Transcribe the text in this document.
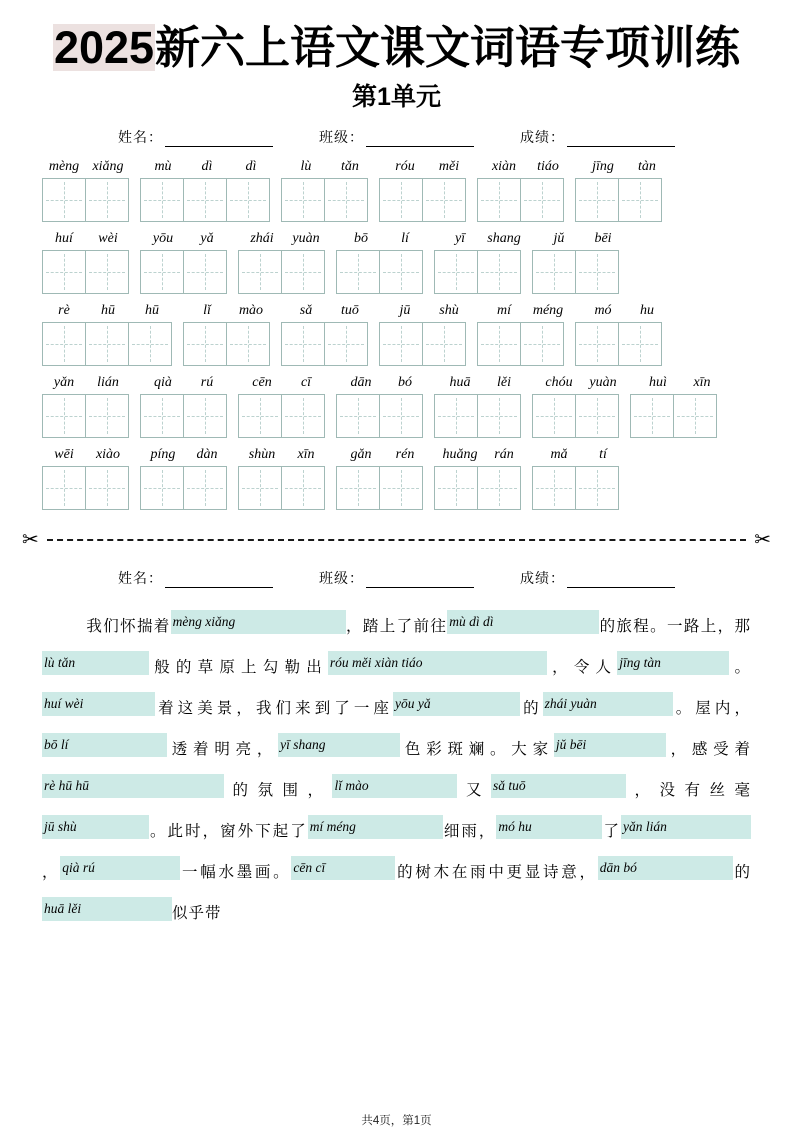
2025 新六上语文课文词语专项训练
第1单元
姓名：	班级：	成绩：
mèng xiǎng	mù	dì	dì	lù	tǎn	róu	měi	xiàn	tiáo	jīng	tàn
huí	wèi	yōu	yǎ	zhái	yuàn	bō	lí	yī	shang	jǔ	bēi
rè	hū	hū	lǐ	mào	sǎ	tuō	jū	shù	mí	méng	mó	hu
yǎn	lián	qià	rú	cēn	cī	dān	bó	huā	lěi	chóu	yuàn	huì	xīn
wēi	xiào	píng	dàn	shùn	xīn	gǎn	rén	huǎng	rán	mǎ	tí
✂	✂
姓名：	班级：	成绩：
我们怀揣着 mèng xiǎng	，踏上了前往 mù dì dì	的旅程。一路上，那lù tǎn	般的草原上勾勒出 róu měi xiàn tiáo	，令人 jīng tàn	。huí wèi	着这美景，我们来到了一座 yōu yǎ	的 zhái yuàn	。屋内，bō lí	透着明亮， yī shang	色彩斑斓。大家 jǔ bēi	，感受着rè hū hū	的氛围， lǐ mào	又 sǎ tuō	，没有丝毫jū shù	。此时，窗外下起了 mí méng	细雨， mó hu	了 yǎn lián， qià rú	一幅水墨画。 cēn cī	的树木在雨中更显诗意， dān bó	的huā lěi	似乎带
共4页，第1页
